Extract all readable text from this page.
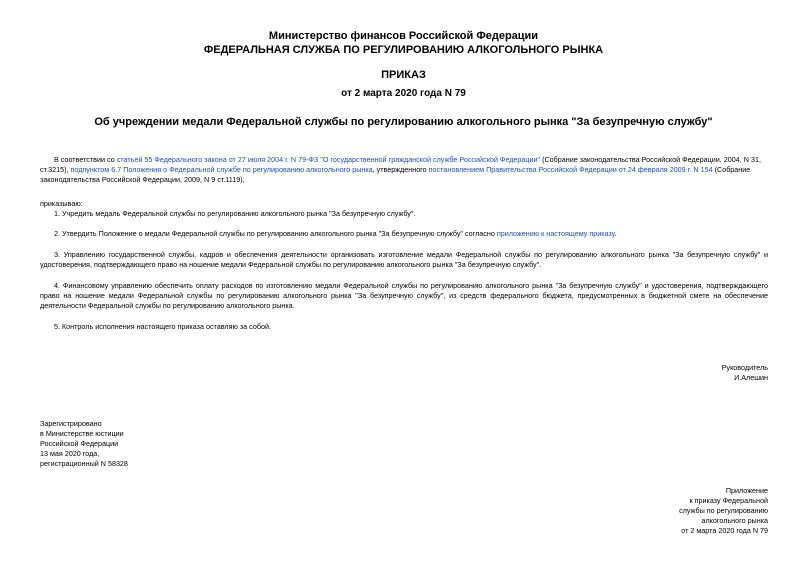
Министерство финансов Российской Федерации
ФЕДЕРАЛЬНАЯ СЛУЖБА ПО РЕГУЛИРОВАНИЮ АЛКОГОЛЬНОГО РЫНКА
ПРИКАЗ
от 2 марта 2020 года N 79
Об учреждении медали Федеральной службы по регулированию алкогольного рынка "За безупречную службу"
В соответствии со статьей 55 Федерального закона от 27 июля 2004 г. N 79-ФЗ "О государственной гражданской службе Российской Федерации" (Собрание законодательства Российской Федерации, 2004, N 31, ст.3215), подпунктом 6.7 Положения о Федеральной службе по регулированию алкогольного рынка, утвержденного постановлением Правительства Российской Федерации от 24 февраля 2009 г. N 154 (Собрание законодательства Российской Федерации, 2009, N 9 ст.1119),
приказываю:
1. Учредить медаль Федеральной службы по регулированию алкогольного рынка "За безупречную службу".
2. Утвердить Положение о медали Федеральной службы по регулированию алкогольного рынка "За безупречную службу" согласно приложению к настоящему приказу.
3. Управлению государственной службы, кадров и обеспечения деятельности организовать изготовление медали Федеральной службы по регулированию алкогольного рынка "За безупречную службу" и удостоверения, подтверждающего право на ношение медали Федеральной службы по регулированию алкогольного рынка "За безупречную службу".
4. Финансовому управлению обеспечить оплату расходов по изготовлению медали Федеральной службы по регулированию алкогольного рынка "За безупречную службу" и удостоверения, подтверждающего право на ношение медали Федеральной службы по регулированию алкогольного рынка "За безупречную службу", из средств федерального бюджета, предусмотренных в бюджетной смете на обеспечение деятельности Федеральной службы по регулированию алкогольного рынка.
5. Контроль исполнения настоящего приказа оставляю за собой.
Руководитель
И.Алешин
Зарегистрировано
в Министерстве юстиции
Российской Федерации
13 мая 2020 года,
регистрационный N 58328
Приложение
к приказу Федеральной
службы по регулированию
алкогольного рынка
от 2 марта 2020 года N 79
